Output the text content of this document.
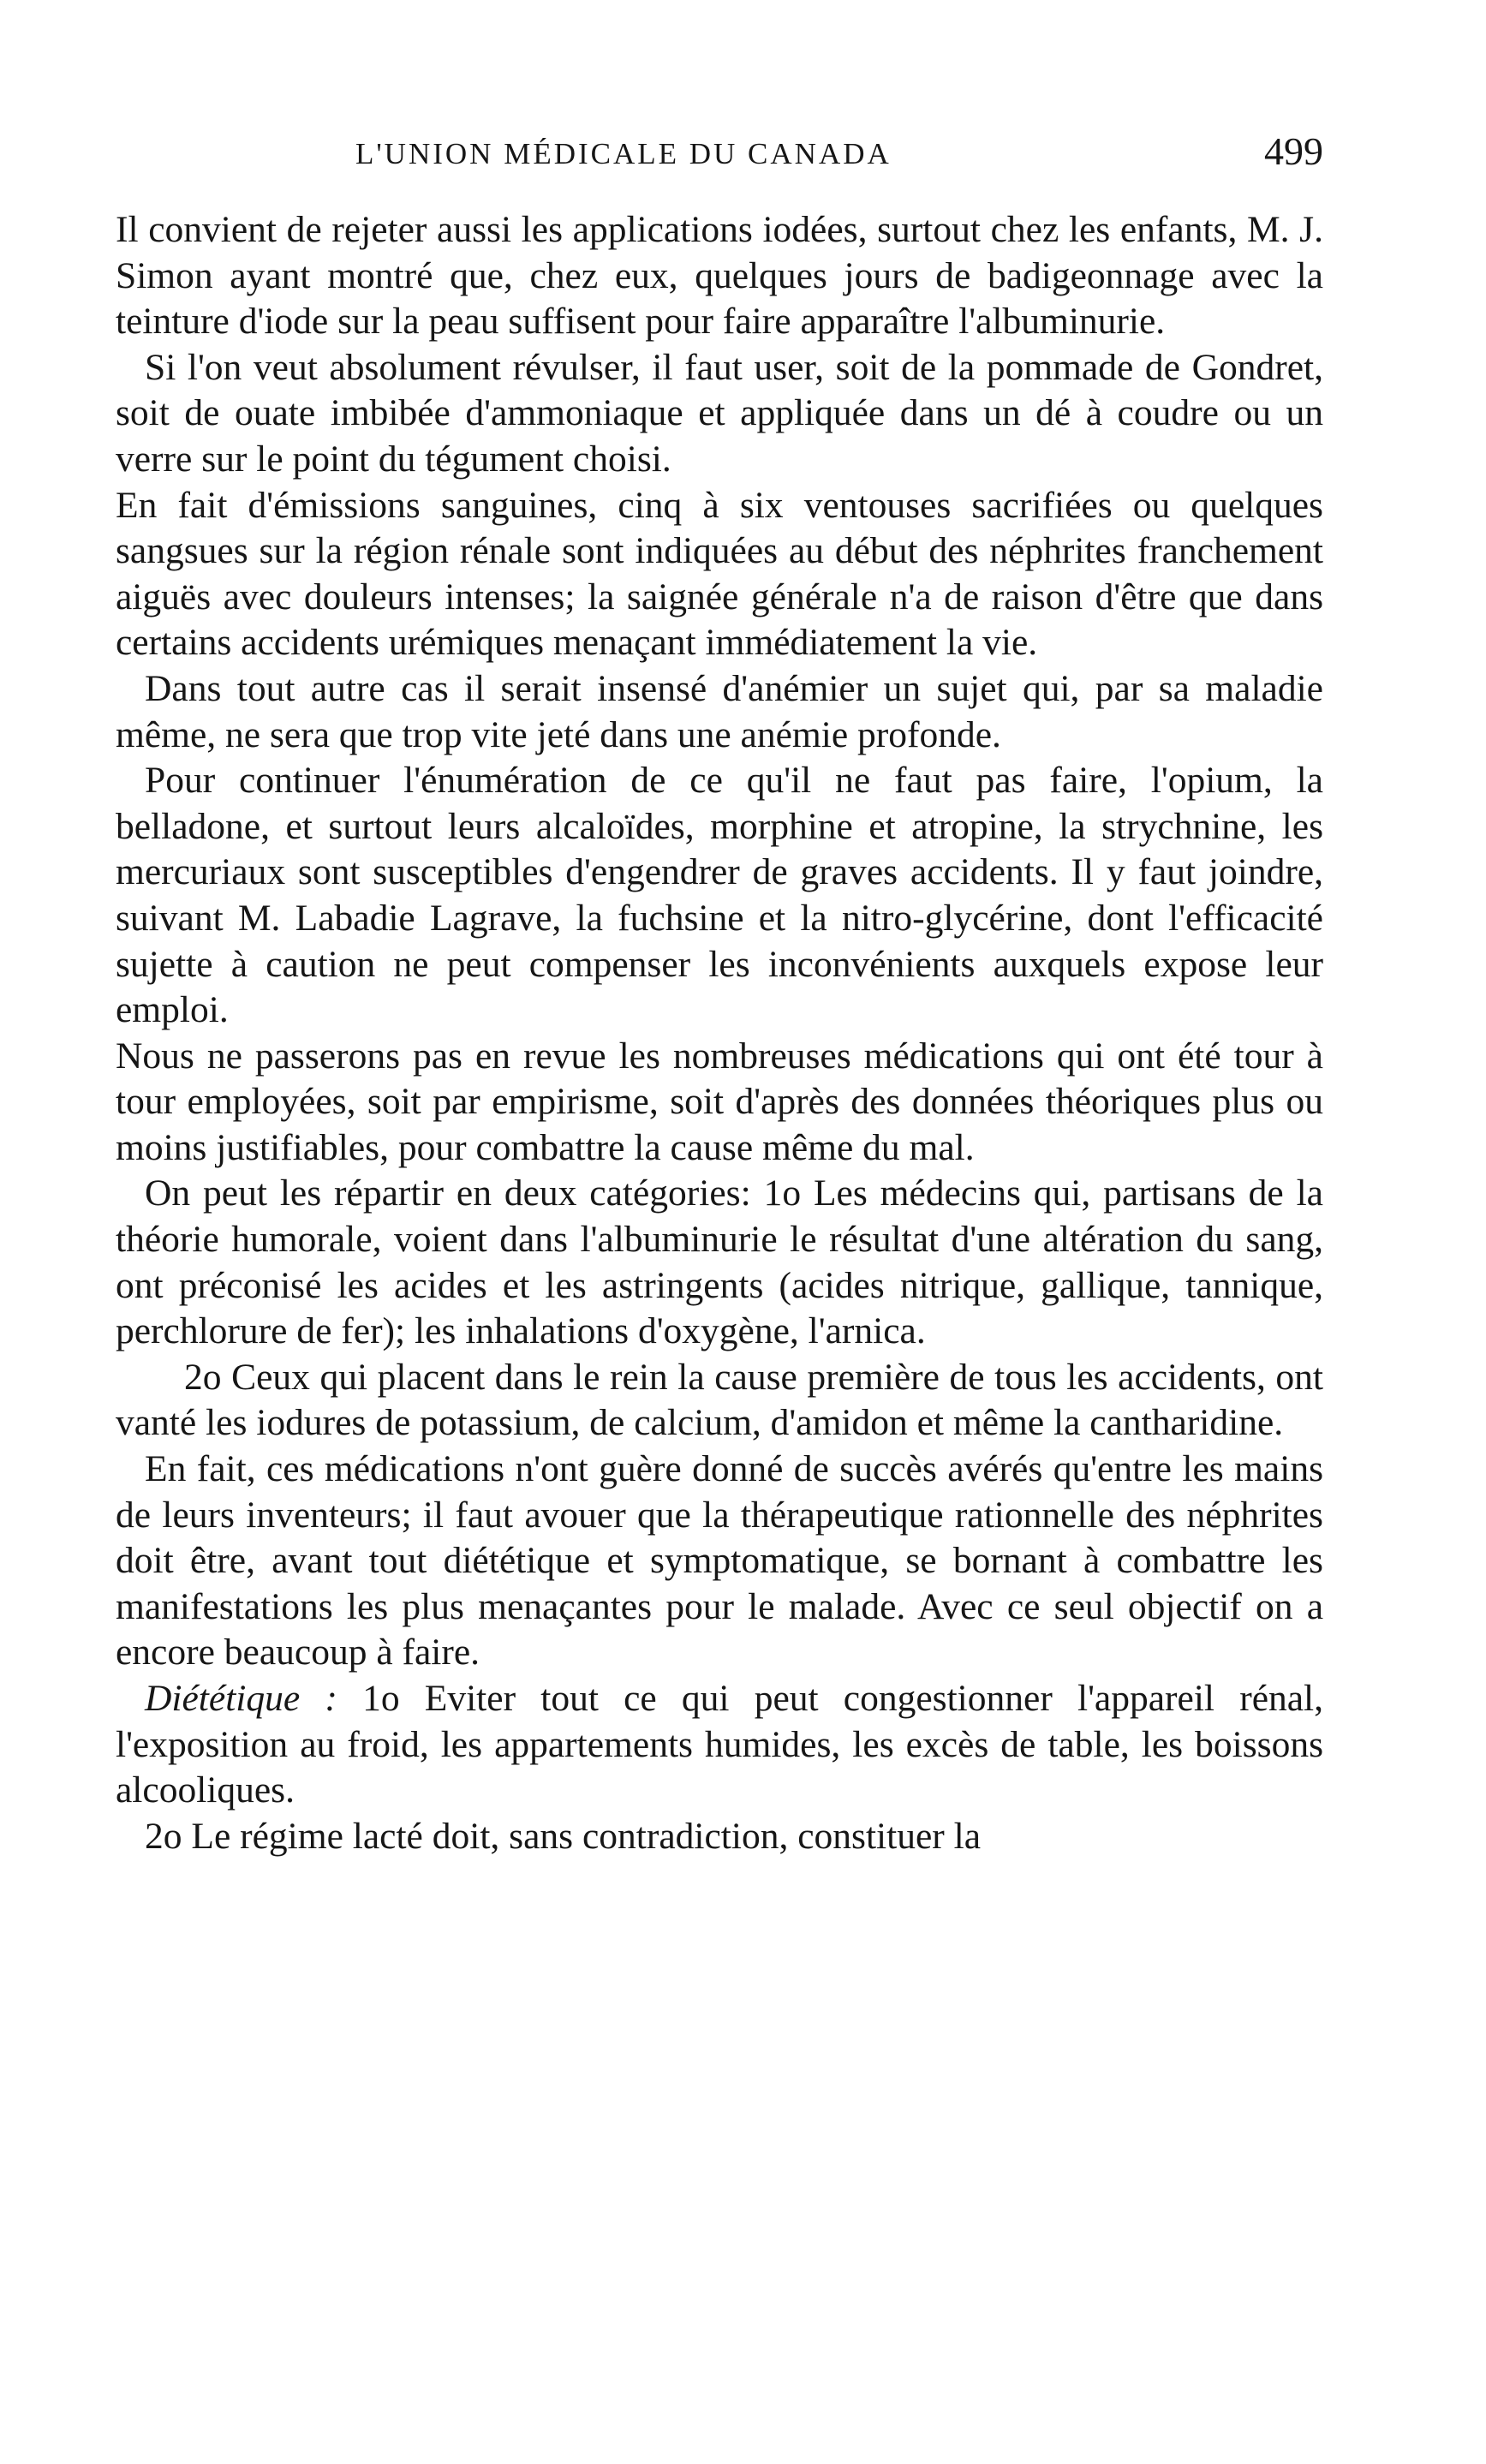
L'UNION MÉDICALE DU CANADA	499

Il convient de rejeter aussi les applications iodées, surtout chez les enfants, M. J. Simon ayant montré que, chez eux, quelques jours de badigeonnage avec la teinture d'iode sur la peau suffisent pour faire apparaître l'albuminurie.

Si l'on veut absolument révulser, il faut user, soit de la pommade de Gondret, soit de ouate imbibée d'ammoniaque et appliquée dans un dé à coudre ou un verre sur le point du tégument choisi.

En fait d'émissions sanguines, cinq à six ventouses sacrifiées ou quelques sangsues sur la région rénale sont indiquées au début des néphrites franchement aiguës avec douleurs intenses; la saignée générale n'a de raison d'être que dans certains accidents urémiques menaçant immédiatement la vie.

Dans tout autre cas il serait insensé d'anémier un sujet qui, par sa maladie même, ne sera que trop vite jeté dans une anémie profonde.

Pour continuer l'énumération de ce qu'il ne faut pas faire, l'opium, la belladone, et surtout leurs alcaloïdes, morphine et atropine, la strychnine, les mercuriaux sont susceptibles d'engendrer de graves accidents. Il y faut joindre, suivant M. Labadie Lagrave, la fuchsine et la nitro-glycérine, dont l'efficacité sujette à caution ne peut compenser les inconvénients auxquels expose leur emploi.

Nous ne passerons pas en revue les nombreuses médications qui ont été tour à tour employées, soit par empirisme, soit d'après des données théoriques plus ou moins justifiables, pour combattre la cause même du mal.

On peut les répartir en deux catégories: 1o Les médecins qui, partisans de la théorie humorale, voient dans l'albuminurie le résultat d'une altération du sang, ont préconisé les acides et les astringents (acides nitrique, gallique, tannique, perchlorure de fer); les inhalations d'oxygène, l'arnica.

2o Ceux qui placent dans le rein la cause première de tous les accidents, ont vanté les iodures de potassium, de calcium, d'amidon et même la cantharidine.

En fait, ces médications n'ont guère donné de succès avérés qu'entre les mains de leurs inventeurs; il faut avouer que la thérapeutique rationnelle des néphrites doit être, avant tout diététique et symptomatique, se bornant à combattre les manifestations les plus menaçantes pour le malade. Avec ce seul objectif on a encore beaucoup à faire.

Diététique : 1o Eviter tout ce qui peut congestionner l'appareil rénal, l'exposition au froid, les appartements humides, les excès de table, les boissons alcooliques.

2o Le régime lacté doit, sans contradiction, constituer la
